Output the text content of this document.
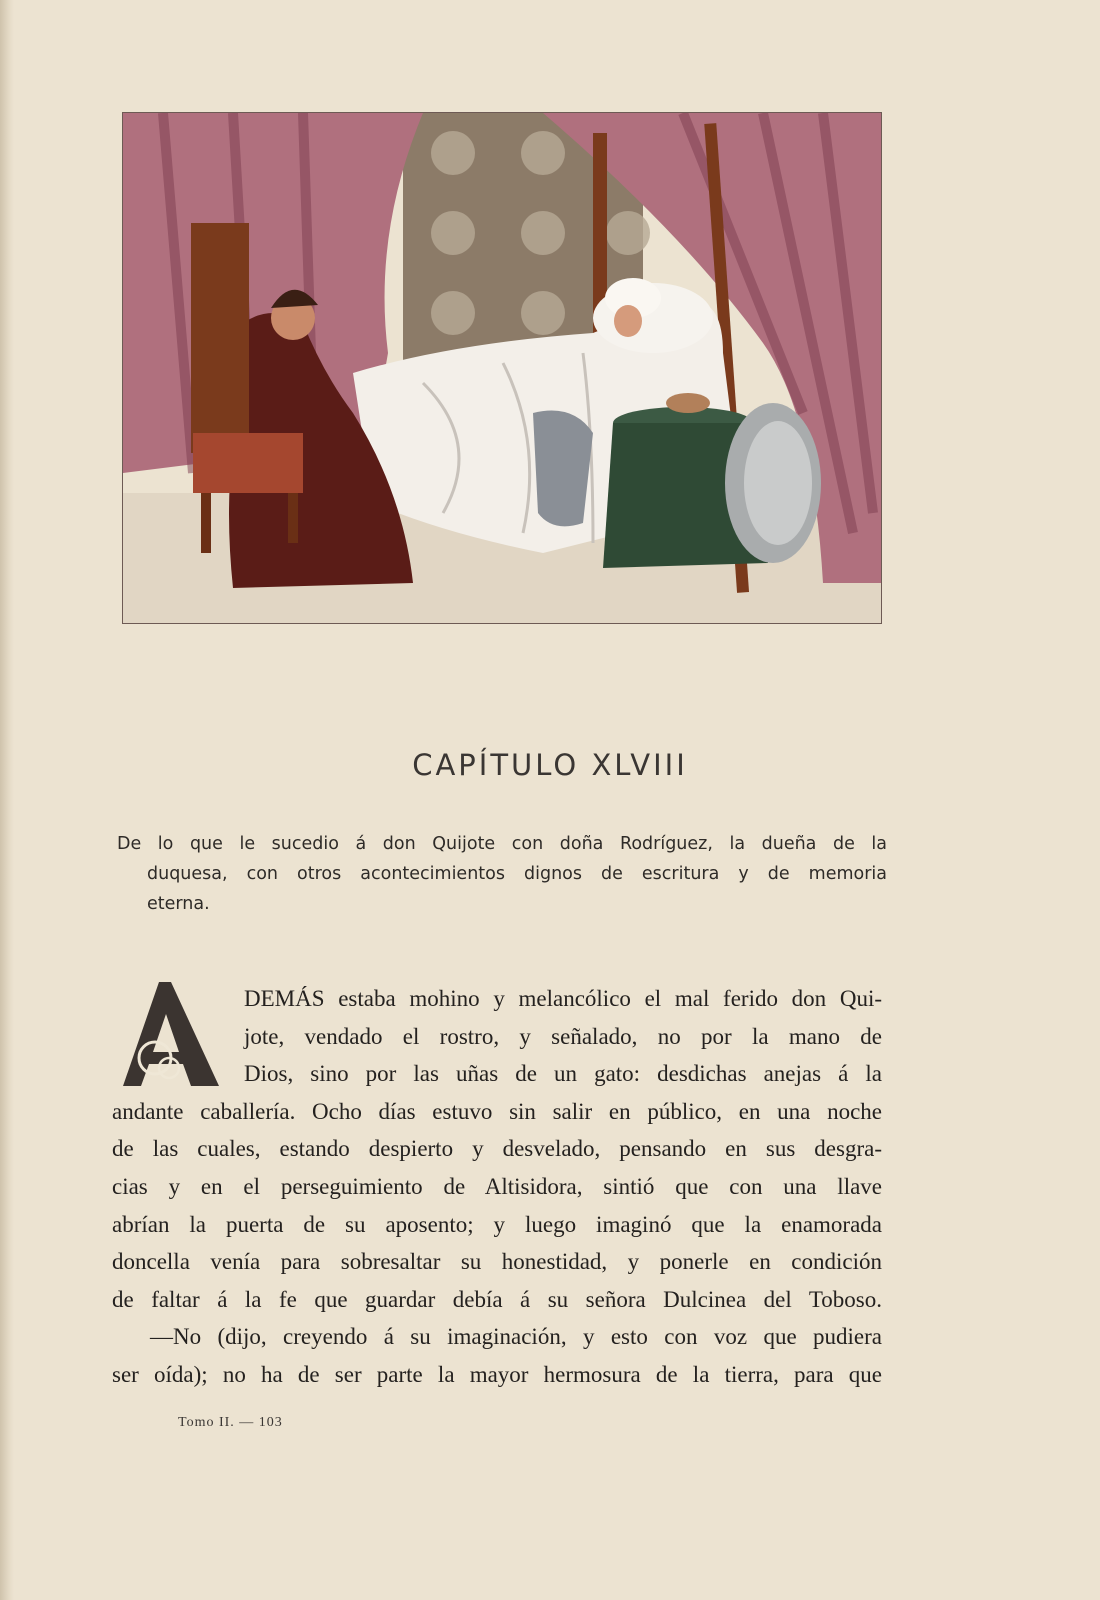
CAPÍTULO XLVIII

De lo que le sucedio á don Quijote con doña Rodríguez, la dueña de la
duquesa, con otros acontecimientos dignos de escritura y de memoria
eterna.

DEMÁS estaba mohino y melancólico el mal ferido don Qui-
jote, vendado el rostro, y señalado, no por la mano de
Dios, sino por las uñas de un gato: desdichas anejas á la
andante caballería. Ocho días estuvo sin salir en público, en una noche
de las cuales, estando despierto y desvelado, pensando en sus desgra-
cias y en el perseguimiento de Altisidora, sintió que con una llave
abrían la puerta de su aposento; y luego imaginó que la enamorada
doncella venía para sobresaltar su honestidad, y ponerle en condición
de faltar á la fe que guardar debía á su señora Dulcinea del Toboso.
—No (dijo, creyendo á su imaginación, y esto con voz que pudiera
ser oída); no ha de ser parte la mayor hermosura de la tierra, para que
Tomo II. — 103
